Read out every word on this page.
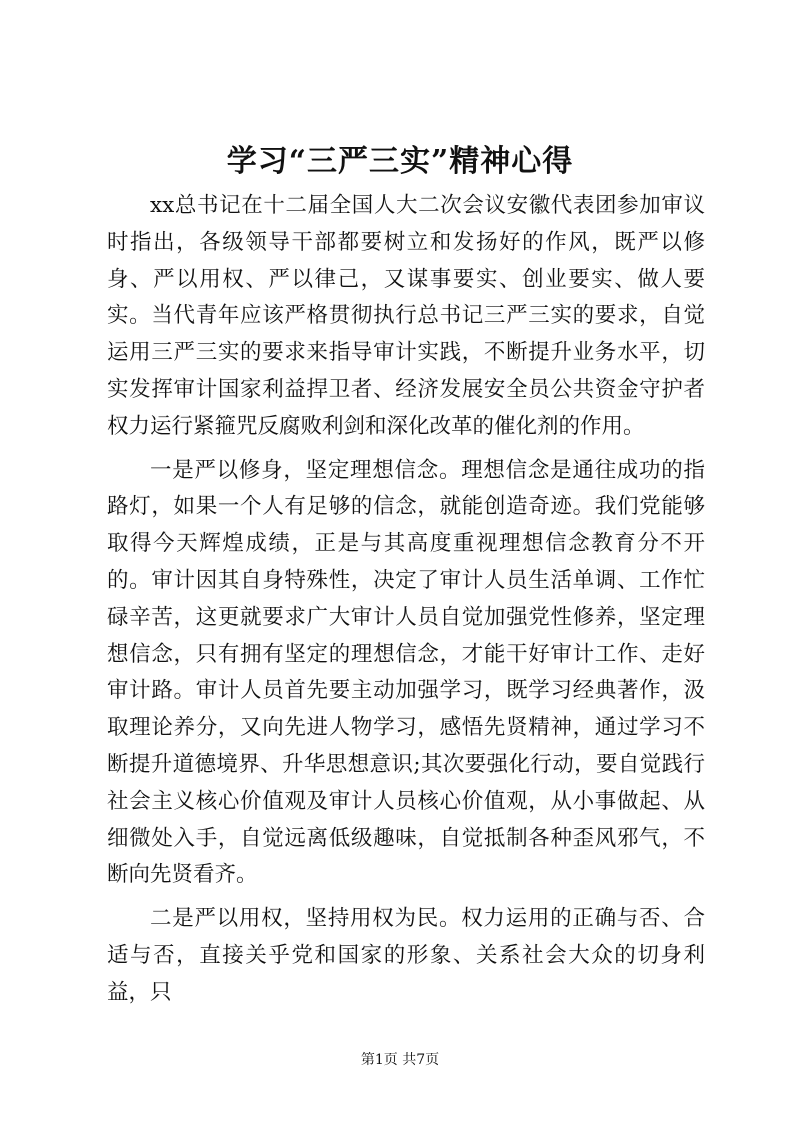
学习“三严三实”精神心得

xx总书记在十二届全国人大二次会议安徽代表团参加审议时指出，各级领导干部都要树立和发扬好的作风，既严以修身、严以用权、严以律己，又谋事要实、创业要实、做人要实。当代青年应该严格贯彻执行总书记三严三实的要求，自觉运用三严三实的要求来指导审计实践，不断提升业务水平，切实发挥审计国家利益捍卫者、经济发展安全员公共资金守护者权力运行紧箍咒反腐败利剑和深化改革的催化剂的作用。

一是严以修身，坚定理想信念。理想信念是通往成功的指路灯，如果一个人有足够的信念，就能创造奇迹。我们党能够取得今天辉煌成绩，正是与其高度重视理想信念教育分不开的。审计因其自身特殊性，决定了审计人员生活单调、工作忙碌辛苦，这更就要求广大审计人员自觉加强党性修养，坚定理想信念，只有拥有坚定的理想信念，才能干好审计工作、走好审计路。审计人员首先要主动加强学习，既学习经典著作，汲取理论养分，又向先进人物学习，感悟先贤精神，通过学习不断提升道德境界、升华思想意识;其次要强化行动，要自觉践行社会主义核心价值观及审计人员核心价值观，从小事做起、从细微处入手，自觉远离低级趣味，自觉抵制各种歪风邪气，不断向先贤看齐。

二是严以用权，坚持用权为民。权力运用的正确与否、合适与否，直接关乎党和国家的形象、关系社会大众的切身利益，只

第1页 共7页
